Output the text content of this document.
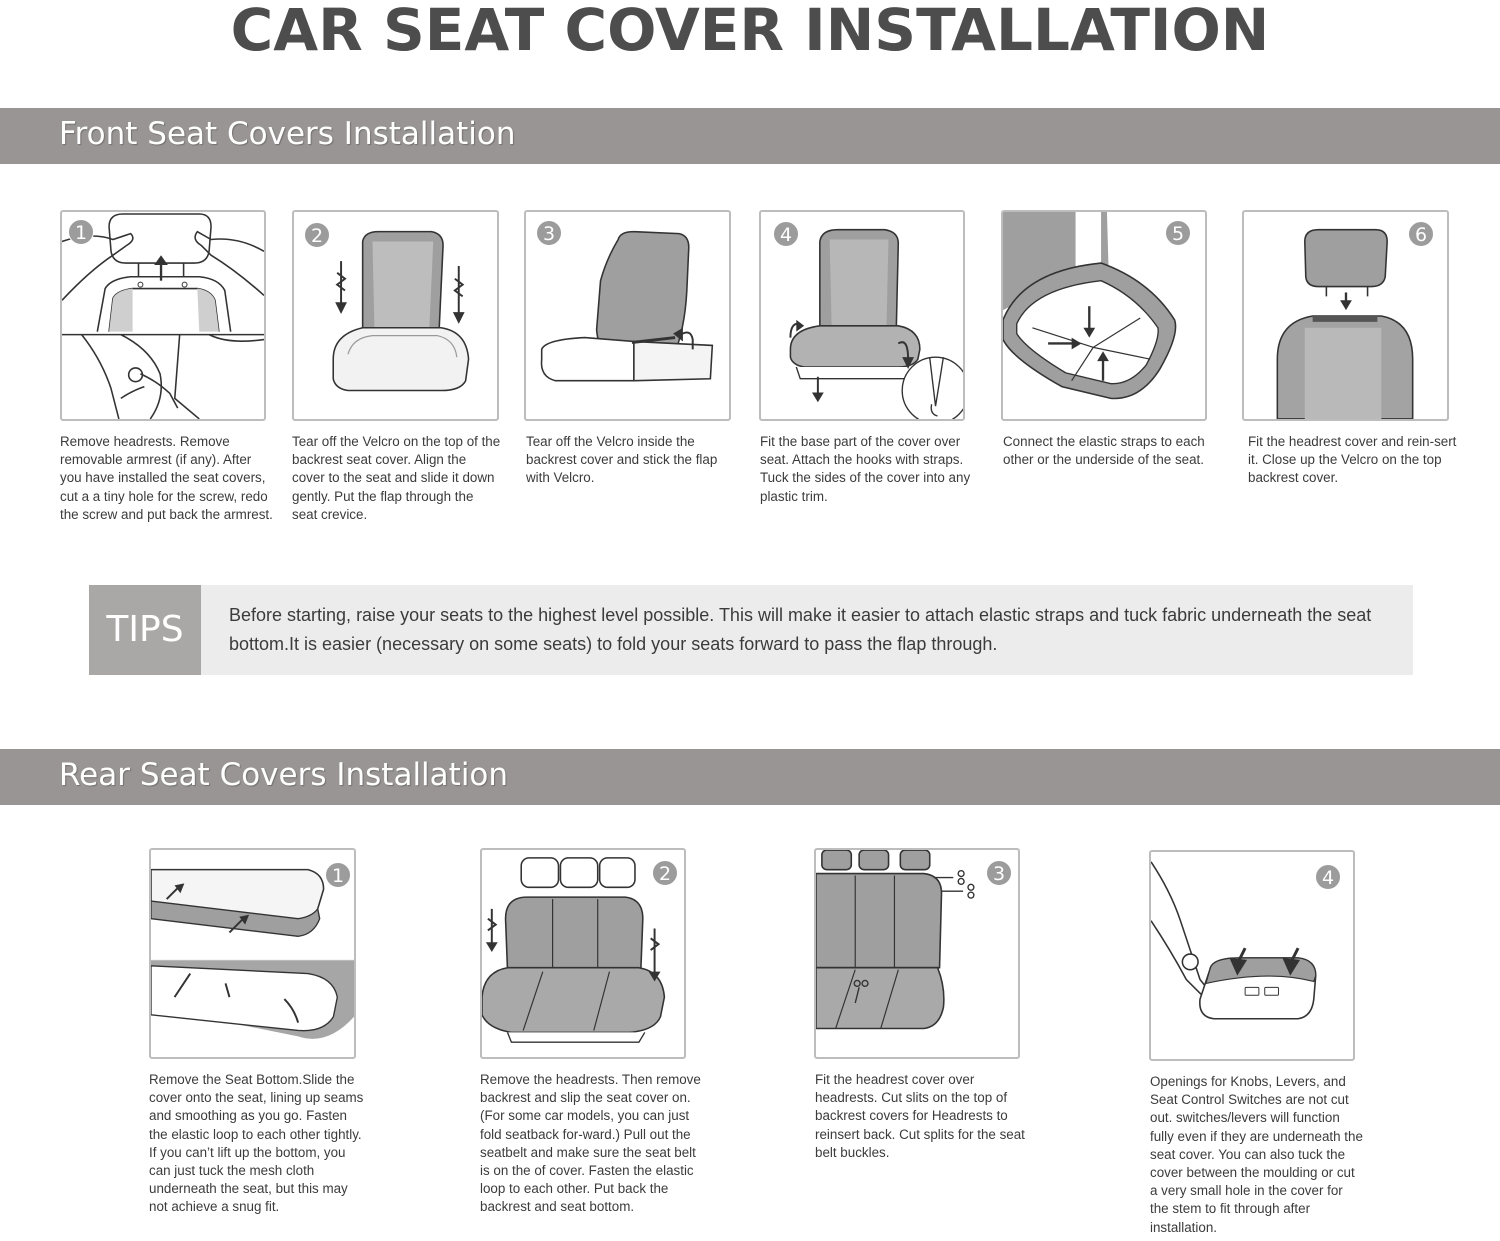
CAR SEAT COVER INSTALLATION
Front Seat Covers Installation
1
Remove headrests. Remove removable armrest (if any). After you have installed the seat covers, cut a a tiny hole for the screw, redo the screw and put back the armrest.
2
Tear off the Velcro on the top of the backrest seat cover. Align the cover to the seat and slide it down gently. Put the flap through the seat crevice.
3
Tear off the Velcro inside the backrest cover and stick the flap with Velcro.
4
Fit the base part of the cover over seat. Attach the hooks with straps. Tuck the sides of the cover into any plastic trim.
5
Connect the elastic straps to each other or the underside of the seat.
6
Fit the headrest cover and rein-sert it. Close up the Velcro on the top backrest cover.
TIPS	Before starting, raise your seats to the highest level possible. This will make it easier to attach elastic straps and tuck fabric underneath the seat bottom.It is easier (necessary on some seats) to fold your seats forward to pass the flap through.
Rear Seat Covers Installation
1
Remove the Seat Bottom.Slide the cover onto the seat, lining up seams and smoothing as you go. Fasten the elastic loop to each other tightly. If you can’t lift up the bottom, you can just tuck the mesh cloth underneath the seat, but this may not achieve a snug fit.
2
Remove the headrests. Then remove backrest and slip the seat cover on. (For some car models, you can just fold seatback for-ward.) Pull out the seatbelt and make sure the seat belt is on the of cover. Fasten the elastic loop to each other. Put back the backrest and seat bottom.
3
Fit the headrest cover over headrests. Cut slits on the top of backrest covers for Headrests to reinsert back. Cut splits for the seat belt buckles.
4
Openings for Knobs, Levers, and Seat Control Switches are not cut out. switches/levers will function fully even if they are underneath the seat cover. You can also tuck the cover between the moulding or cut a very small hole in the cover for the stem to fit through after installation.
